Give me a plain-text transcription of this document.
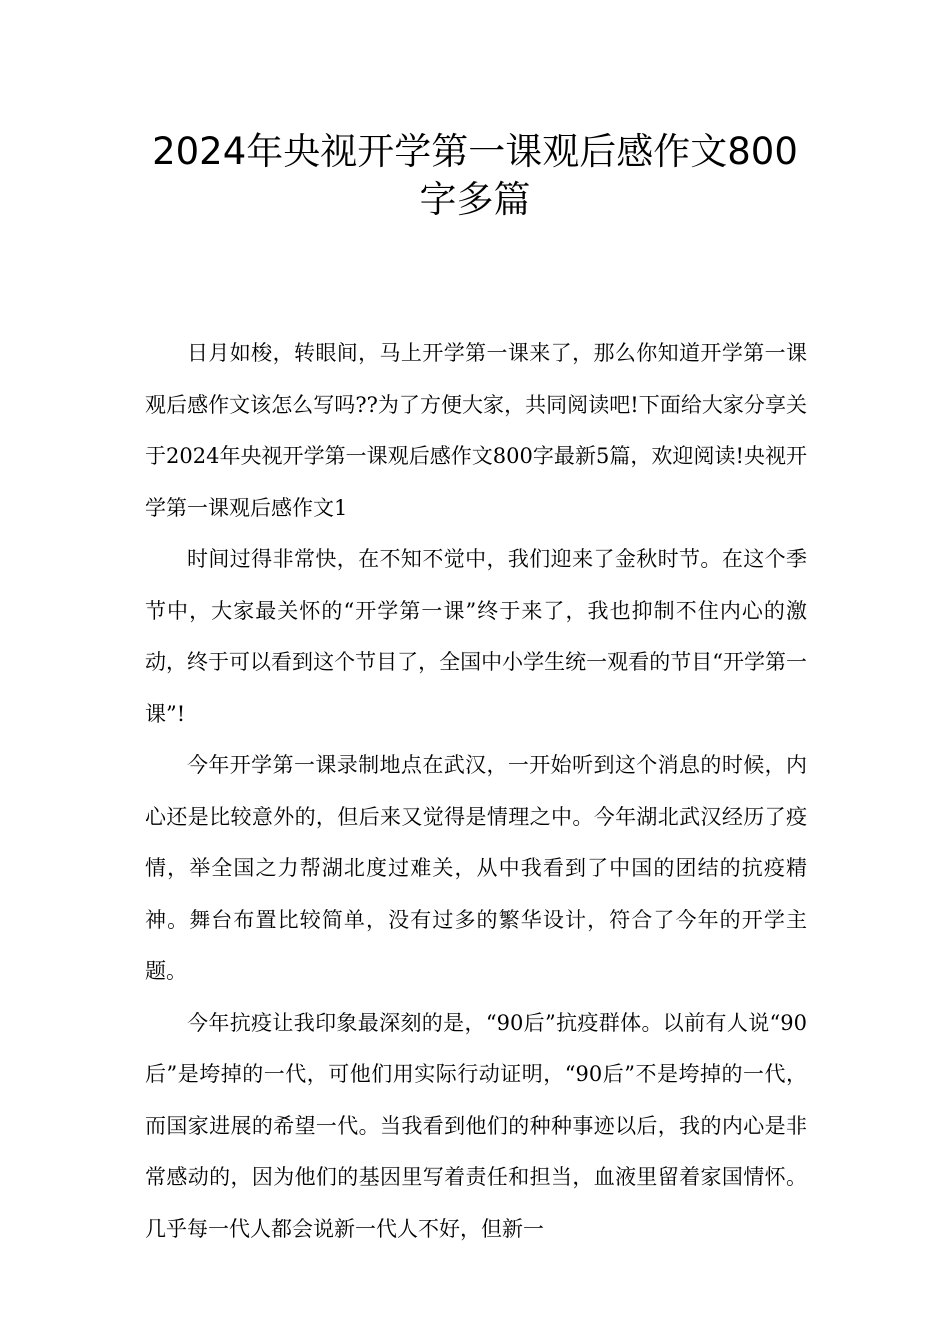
2024年央视开学第一课观后感作文800
字多篇

日月如梭，转眼间，马上开学第一课来了，那么你知道开学第一课观后感作文该怎么写吗??为了方便大家，共同阅读吧!下面给大家分享关于2024年央视开学第一课观后感作文800字最新5篇，欢迎阅读!央视开学第一课观后感作文1

时间过得非常快，在不知不觉中，我们迎来了金秋时节。在这个季节中，大家最关怀的“开学第一课”终于来了，我也抑制不住内心的激动，终于可以看到这个节目了，全国中小学生统一观看的节目“开学第一课”!

今年开学第一课录制地点在武汉，一开始听到这个消息的时候，内心还是比较意外的，但后来又觉得是情理之中。今年湖北武汉经历了疫情，举全国之力帮湖北度过难关，从中我看到了中国的团结的抗疫精神。舞台布置比较简单，没有过多的繁华设计，符合了今年的开学主题。

今年抗疫让我印象最深刻的是，“90后”抗疫群体。以前有人说“90后”是垮掉的一代，可他们用实际行动证明，“90后”不是垮掉的一代，而国家进展的希望一代。当我看到他们的种种事迹以后，我的内心是非常感动的，因为他们的基因里写着责任和担当，血液里留着家国情怀。几乎每一代人都会说新一代人不好，但新一
